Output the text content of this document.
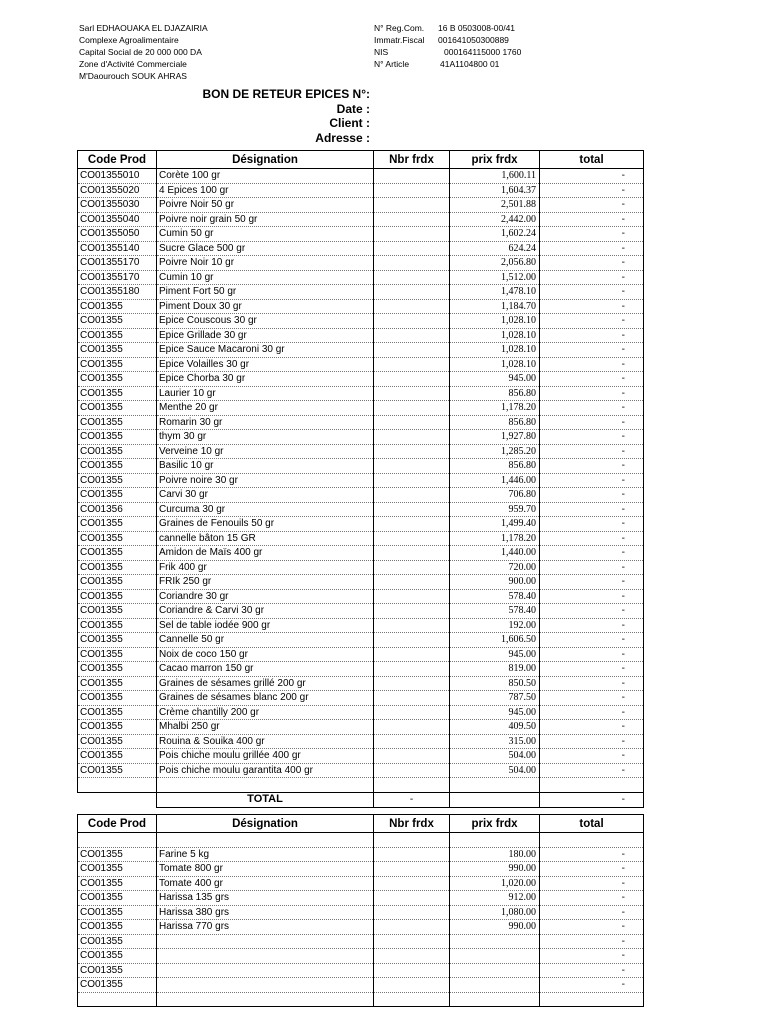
Sarl EDHAOUAKA EL DJAZAIRIA
Complexe Agroalimentaire
Capital Social de 20 000 000 DA
Zone d'Activité Commerciale
M'Daourouch SOUK AHRAS
N° Reg.Com.	16 B 0503008-00/41
Immatr.Fiscal	001641050300889
NIS	000164115000 1760
N° Article	41A1104800 01
BON DE RETEUR EPICES N°:
Date :
Client :
Adresse :
Code Prod	Désignation	Nbr frdx	prix frdx	total
CO01355010	Corète 100 gr		1,600.11	-
CO01355020	4 Epices 100 gr		1,604.37	-
CO01355030	Poivre Noir 50 gr		2,501.88	-
CO01355040	Poivre noir grain 50 gr		2,442.00	-
CO01355050	Cumin 50 gr		1,602.24	-
CO01355140	Sucre Glace 500 gr		624.24	-
CO01355170	Poivre Noir 10 gr		2,056.80	-
CO01355170	Cumin 10 gr		1,512.00	-
CO01355180	Piment Fort 50 gr		1,478.10	-
CO01355	Piment Doux 30 gr		1,184.70	-
CO01355	Epice Couscous 30 gr		1,028.10	-
CO01355	Epice Grillade 30 gr		1,028.10	-
CO01355	Epice Sauce Macaroni 30 gr		1,028.10	-
CO01355	Epice Volailles 30 gr		1,028.10	-
CO01355	Epice Chorba 30 gr		945.00	-
CO01355	Laurier 10 gr		856.80	-
CO01355	Menthe 20 gr		1,178.20	-
CO01355	Romarin 30 gr		856.80	-
CO01355	thym 30 gr		1,927.80	-
CO01355	Verveine 10 gr		1,285.20	-
CO01355	Basilic 10 gr		856.80	-
CO01355	Poivre noire 30 gr		1,446.00	-
CO01355	Carvi 30 gr		706.80	-
CO01356	Curcuma 30 gr		959.70	-
CO01355	Graines de Fenouils 50 gr		1,499.40	-
CO01355	cannelle bâton 15 GR		1,178.20	-
CO01355	Amidon de Maïs 400 gr		1,440.00	-
CO01355	Frik 400 gr		720.00	-
CO01355	FRIk 250 gr		900.00	-
CO01355	Coriandre 30 gr		578.40	-
CO01355	Coriandre & Carvi 30 gr		578.40	-
CO01355	Sel de table iodée 900 gr		192.00	-
CO01355	Cannelle 50 gr		1,606.50	-
CO01355	Noix de coco 150 gr		945.00	-
CO01355	Cacao marron 150 gr		819.00	-
CO01355	Graines de sésames grillé 200 gr		850.50	-
CO01355	Graines de sésames blanc 200 gr		787.50	-
CO01355	Crème chantilly 200 gr		945.00	-
CO01355	Mhalbi 250 gr		409.50	-
CO01355	Rouina & Souika 400 gr		315.00	-
CO01355	Pois chiche moulu grillée 400 gr		504.00	-
CO01355	Pois chiche moulu garantita 400 gr		504.00	-

	TOTAL	-		-
Code Prod	Désignation	Nbr frdx	prix frdx	total

CO01355	Farine 5 kg		180.00	-
CO01355	Tomate 800 gr		990.00	-
CO01355	Tomate 400 gr		1,020.00	-
CO01355	Harissa 135 grs		912.00	-
CO01355	Harissa 380 grs		1,080.00	-
CO01355	Harissa 770 grs		990.00	-
CO01355				-
CO01355				-
CO01355				-
CO01355				-
